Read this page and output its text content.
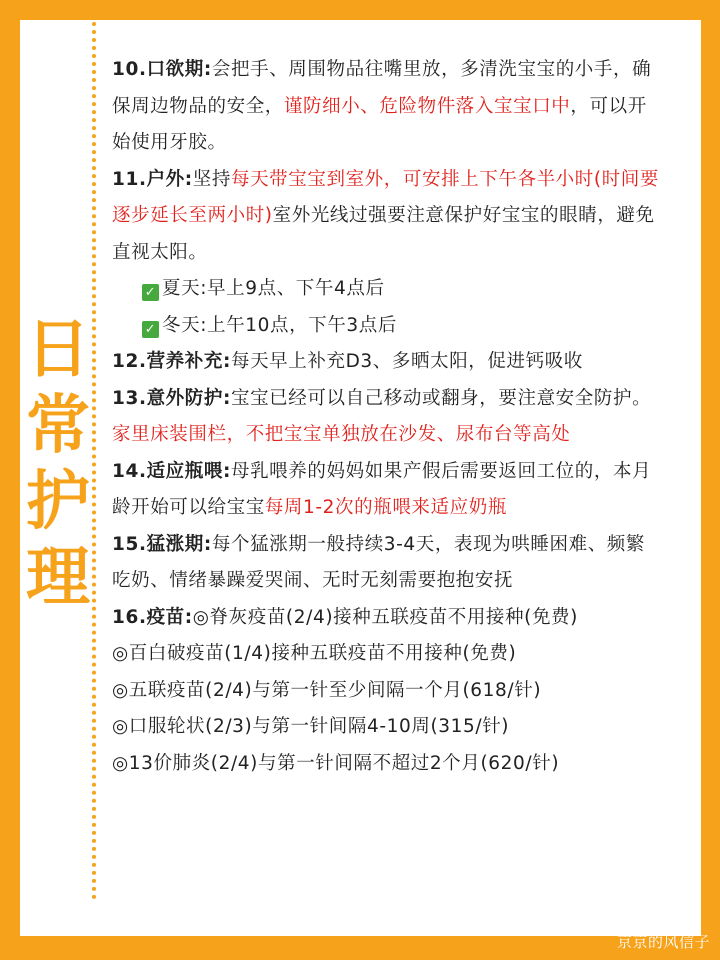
日
常
护
理

10.口欲期:会把手、周围物品往嘴里放，多清洗宝宝的小手，确保周边物品的安全，谨防细小、危险物件落入宝宝口中，可以开始使用牙胶。

11.户外:坚持每天带宝宝到室外，可安排上下午各半小时(时间要逐步延长至两小时)室外光线过强要注意保护好宝宝的眼睛，避免直视太阳。

✓ 夏天:早上9点、下午4点后

✓ 冬天:上午10点，下午3点后

12.营养补充:每天早上补充D3、多晒太阳，促进钙吸收

13.意外防护:宝宝已经可以自己移动或翻身，要注意安全防护。家里床装围栏，不把宝宝单独放在沙发、尿布台等高处

14.适应瓶喂:母乳喂养的妈妈如果产假后需要返回工位的，本月龄开始可以给宝宝每周1-2次的瓶喂来适应奶瓶

15.猛涨期:每个猛涨期一般持续3-4天，表现为哄睡困难、频繁吃奶、情绪暴躁爱哭闹、无时无刻需要抱抱安抚

16.疫苗:◎脊灰疫苗(2/4)接种五联疫苗不用接种(免费)

◎百白破疫苗(1/4)接种五联疫苗不用接种(免费)

◎五联疫苗(2/4)与第一针至少间隔一个月(618/针)

◎口服轮状(2/3)与第一针间隔4-10周(315/针)

◎13价肺炎(2/4)与第一针间隔不超过2个月(620/针)

京京的风信子
